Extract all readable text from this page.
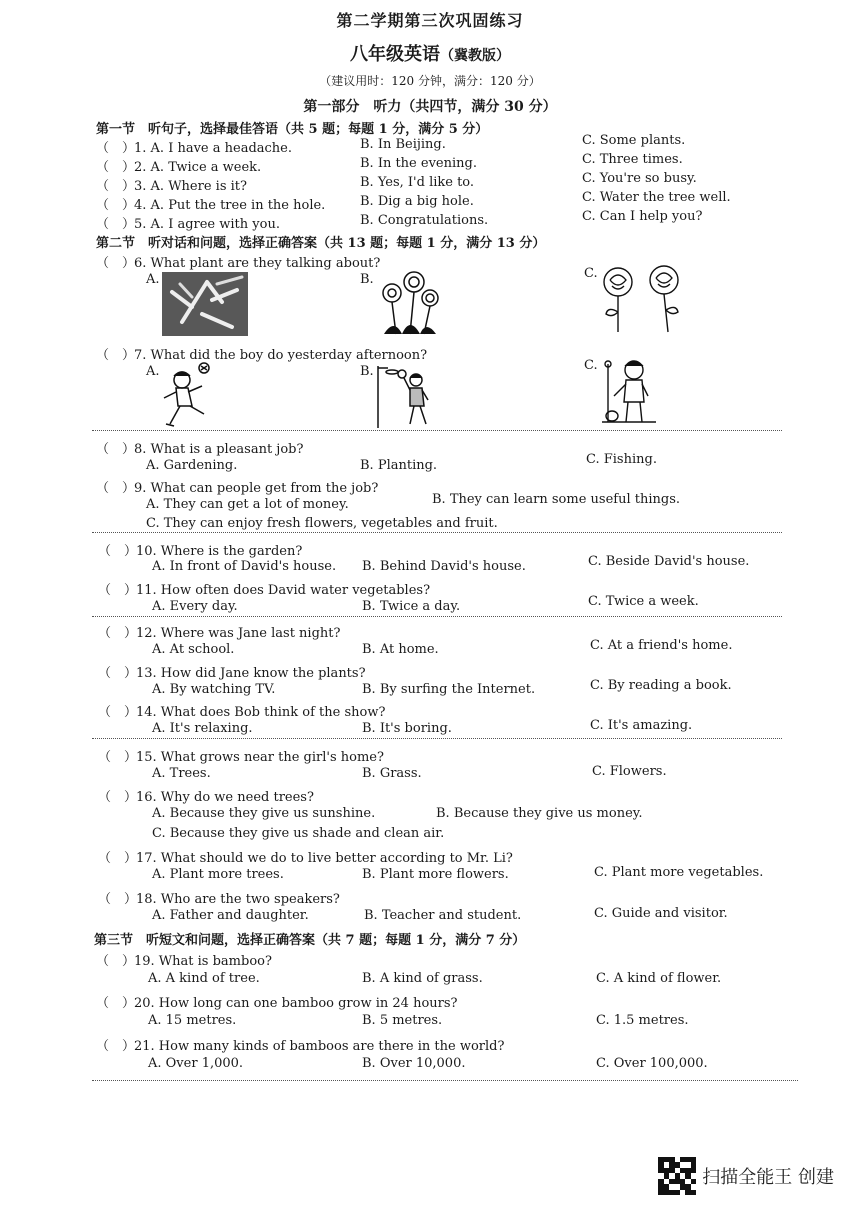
第二学期第三次巩固练习
八年级英语（冀教版）
（建议用时：120 分钟，满分：120 分）
第一部分　听力（共四节，满分 30 分）
第一节　听句子，选择最佳答语（共 5 题；每题 1 分，满分 5 分）
（　）1. A. I have a headache.	B. In Beijing.	C. Some plants.
（　）2. A. Twice a week.	B. In the evening.	C. Three times.
（　）3. A. Where is it?	B. Yes, I'd like to.	C. You're so busy.
（　）4. A. Put the tree in the hole.	B. Dig a big hole.	C. Water the tree well.
（　）5. A. I agree with you.	B. Congratulations.	C. Can I help you?
第二节　听对话和问题，选择正确答案（共 13 题；每题 1 分，满分 13 分）
（　）6. What plant are they talking about?
A.	B.	C.
（　）7. What did the boy do yesterday afternoon?
A.	B.	C.
（　）8. What is a pleasant job?
A. Gardening.	B. Planting.	C. Fishing.
（　）9. What can people get from the job?
A. They can get a lot of money.	B. They can learn some useful things.
C. They can enjoy fresh flowers, vegetables and fruit.
（　）10. Where is the garden?
A. In front of David's house. B. Behind David's house.	C. Beside David's house.
（　）11. How often does David water vegetables?
A. Every day.	B. Twice a day.	C. Twice a week.
（　）12. Where was Jane last night?
A. At school.	B. At home.	C. At a friend's home.
（　）13. How did Jane know the plants?
A. By watching TV.	B. By surfing the Internet.	C. By reading a book.
（　）14. What does Bob think of the show?
A. It's relaxing.	B. It's boring.	C. It's amazing.
（　）15. What grows near the girl's home?
A. Trees.	B. Grass.	C. Flowers.
（　）16. Why do we need trees?
A. Because they give us sunshine.	B. Because they give us money.
C. Because they give us shade and clean air.
（　）17. What should we do to live better according to Mr. Li?
A. Plant more trees.	B. Plant more flowers.	C. Plant more vegetables.
（　）18. Who are the two speakers?
A. Father and daughter.	B. Teacher and student.	C. Guide and visitor.
第三节　听短文和问题，选择正确答案（共 7 题；每题 1 分，满分 7 分）
（　）19. What is bamboo?
A. A kind of tree.	B. A kind of grass.	C. A kind of flower.
（　）20. How long can one bamboo grow in 24 hours?
A. 15 metres.	B. 5 metres.	C. 1.5 metres.
（　）21. How many kinds of bamboos are there in the world?
A. Over 1,000.	B. Over 10,000.	C. Over 100,000.
扫描全能王 创建
